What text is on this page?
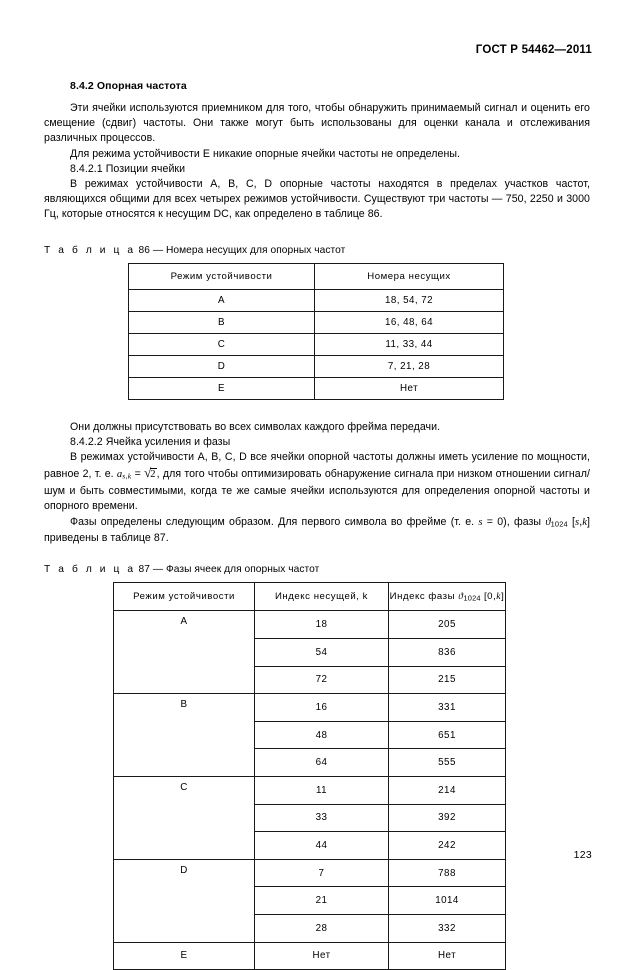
ГОСТ Р 54462—2011
8.4.2 Опорная частота

Эти ячейки используются приемником для того, чтобы обнаружить принимаемый сигнал и оценить его смещение (сдвиг) частоты. Они также могут быть использованы для оценки канала и отслеживания различных процессов.

Для режима устойчивости Е никакие опорные ячейки частоты не определены.

8.4.2.1 Позиции ячейки

В режимах устойчивости А, В, С, D опорные частоты находятся в пределах участков частот, являющихся общими для всех четырех режимов устойчивости. Существуют три частоты — 750, 2250 и 3000 Гц, которые относятся к несущим DC, как определено в таблице 86.

Т а б л и ц а 86 — Номера несущих для опорных частот
Режим устойчивости	Номера несущих
A	18, 54, 72
B	16, 48, 64
C	11, 33, 44
D	7, 21, 28
E	Нет

Они должны присутствовать во всех символах каждого фрейма передачи.

8.4.2.2 Ячейка усиления и фазы

В режимах устойчивости А, В, С, D все ячейки опорной частоты должны иметь усиление по мощности, равное 2, т. е. as,k = √2, для того чтобы оптимизировать обнаружение сигнала при низком отношении сигнал/шум и быть совместимыми, когда те же самые ячейки используются для определения опорной частоты и опорного времени.

Фазы определены следующим образом. Для первого символа во фрейме (т. е. s = 0), фазы ϑ1024 [s,k] приведены в таблице 87.

Т а б л и ц а 87 — Фазы ячеек для опорных частот
Режим устойчивости	Индекс несущей, k	Индекс фазы ϑ1024 [0,k]
A	18	205
	54	836
	72	215
B	16	331
	48	651
	64	555
C	11	214
	33	392
	44	242
D	7	788
	21	1014
	28	332
E	Нет	Нет
123
